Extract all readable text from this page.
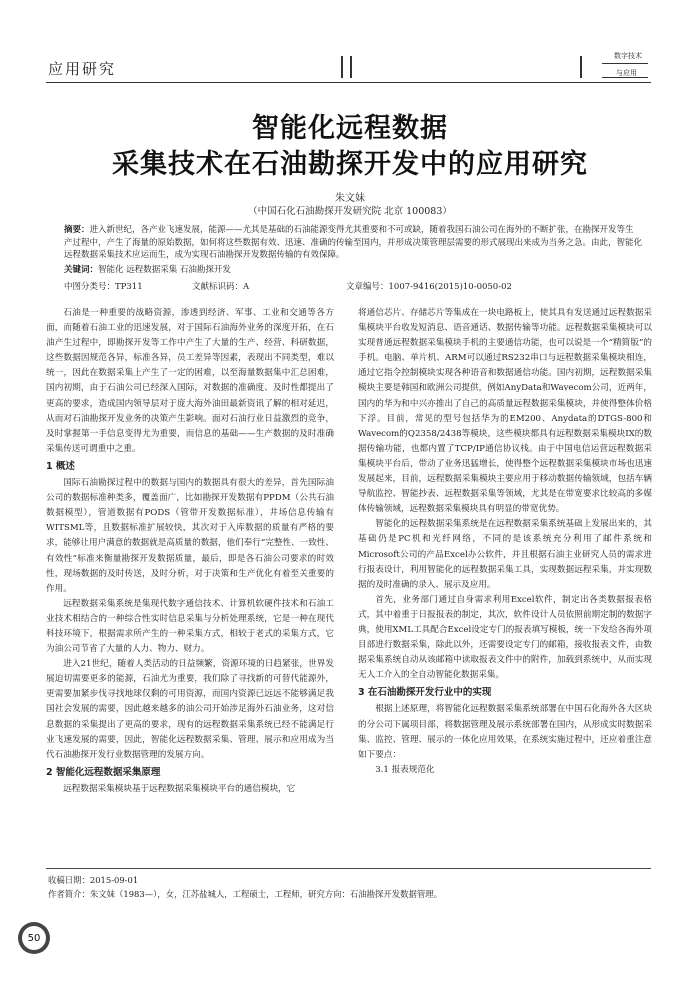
应用研究
数字技术
与应用
智能化远程数据
采集技术在石油勘探开发中的应用研究
朱文妹
（中国石化石油勘探开发研究院 北京 100083）
摘要：进入新世纪，各产业飞速发展，能源——尤其是基础的石油能源变得尤其重要和不可或缺，随着我国石油公司在海外的不断扩张，在勘探开发等生产过程中，产生了海量的原始数据，如何将这些数据有效、迅速、准确的传输至国内，并形成决策管理层需要的形式展现出来成为当务之急。由此，智能化远程数据采集技术应运而生，成为实现石油勘探开发数据传输的有效保障。
关键词：智能化 远程数据采集 石油勘探开发
中图分类号：TP311	文献标识码：A	文章编号：1007-9416(2015)10-0050-02

石油是一种重要的战略资源，渗透到经济、军事、工业和交通等各方面，而随着石油工业的迅速发展，对于国际石油海外业务的深度开拓，在石油产生过程中，即勘探开发等工作中产生了大量的生产、经营、科研数据，这些数据因规范各异，标准各异，员工差异等因素，表现出不同类型，难以统一，因此在数据采集上产生了一定的困难，以至海量数据集中汇总困难，国内初期，由于石油公司已经深入国际，对数据的准确度、及时性都提出了更高的要求，造成国内领导层对于庞大海外油田最新资讯了解的相对延迟，从而对石油勘探开发业务的决策产生影响。面对石油行业日益激烈的竞争，及时掌握第一手信息变得尤为重要，而信息的基础——生产数据的及时准确采集传送可谓重中之重。

1 概述

国际石油勘探过程中的数据与国内的数据具有很大的差异，首先国际油公司的数据标准种类多，覆盖面广，比如勘探开发数据有PPDM（公共石油数据模型），管道数据有PODS（管带开发数据标准），井场信息传输有WITSML等，且数据标准扩展较快，其次对于入库数据的质量有严格的要求，能够让用户满意的数据就是高质量的数据，他们奉行“完整性、一致性、有效性”标准来衡量勘探开发数据质量，最后，即是各石油公司要求的时效性，现场数据的及时传送，及时分析，对于决策和生产优化有着至关重要的作用。

远程数据采集系统是集现代数字通信技术、计算机软硬件技术和石油工业技术相结合的一种综合性实时信息采集与分析处理系统，它是一种在现代科技环境下，根据需求所产生的一种采集方式，相较于老式的采集方式，它为油公司节省了大量的人力、物力、财力。

进入21世纪，随着人类活动的日益频繁，资源环境的日趋紧张，世界发展迫切需要更多的能源，石油尤为重要，我们除了寻找新的可替代能源外，更需要加紧步伐寻找地球仅剩的可用资源，而国内资源已远远不能够满足我国社会发展的需要，因此越来越多的油公司开始涉足海外石油业务，这对信息数据的采集提出了更高的要求，现有的远程数据采集系统已经不能满足行业飞速发展的需要，因此，智能化远程数据采集、管理、展示和应用成为当代石油勘探开发行业数据管理的发展方向。

2 智能化远程数据采集原理

远程数据采集模块基于远程数据采集模块平台的通信模块，它

将通信芯片、存储芯片等集成在一块电路板上，使其具有发送通过远程数据采集模块平台收发短消息、语音通话、数据传输等功能。远程数据采集模块可以实现普通远程数据采集模块手机的主要通信功能，也可以说是一个“精简版”的手机。电脑、单片机、ARM可以通过RS232串口与远程数据采集模块相连，通过它指令控制模块实现各种语音和数据通信功能。国内初期，远程数据采集模块主要是韩国和欧洲公司提供，例如AnyData和Wavecom公司，近两年，国内的华为和中兴亦推出了自己的高质量远程数据采集模块，并使得整体价格下浮。目前，常见的型号包括华为的EM200、Anydata的DTGS-800和Wavecom的Q2358/2438等模块，这些模块都具有远程数据采集模块IX的数据传输功能，也都内置了TCP/IP通信协议栈。由于中国电信运营远程数据采集模块平台后，带动了业务迅猛增长，使得整个远程数据采集模块市场也迅速发展起来，目前，远程数据采集模块主要应用于移动数据传输领域，包括车辆导航监控、智能抄表、远程数据采集等领域，尤其是在带宽要求比较高的多媒体传输领域，远程数据采集模块具有明显的带宽优势。

智能化的远程数据采集系统是在远程数据采集系统基础上发展出来的，其基础仍是PC机和光纤网络，不同的是该系统充分利用了邮件系统和Microsoft公司的产品Excel办公软件，并且根据石油主业研究人员的需求进行报表设计，利用智能化的远程数据采集工具，实现数据远程采集，并实现数据的及时准确的录入、展示及应用。

首先，业务部门通过自身需求利用Excel软件，制定出各类数据报表格式，其中着重于日报报表的制定，其次，软件设计人员依照前期定制的数据字典，使用XML工具配合Excel设定专门的报表填写模板，统一下发给各海外项目部进行数据采集，除此以外，还需要设定专门的邮箱，接收报表文件，由数据采集系统自动从该邮箱中读取报表文件中的附件，加载到系统中，从而实现无人工介入的全自动智能化数据采集。

3 在石油勘探开发行业中的实现

根据上述原理，将智能化远程数据采集系统部署在中国石化海外各大区块的分公司下属项目部，将数据管理及展示系统部署在国内，从形成实时数据采集、监控、管理、展示的一体化应用效果，在系统实施过程中，还应着重注意如下要点：

3.1 报表规范化

收稿日期：2015-09-01
作者简介：朱文妹（1983—），女，江苏盐城人，工程硕士，工程师，研究方向：石油勘探开发数据管理。
50
